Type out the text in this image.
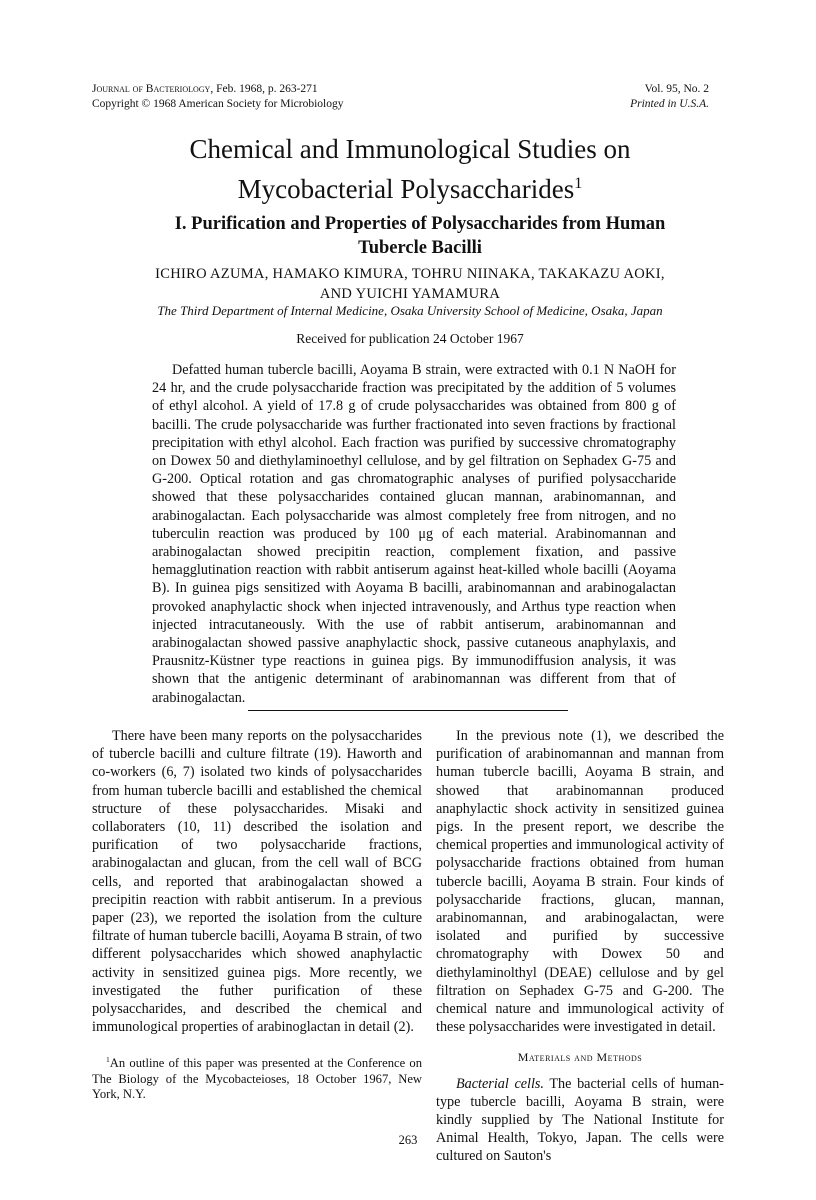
Journal of Bacteriology, Feb. 1968, p. 263-271
Copyright © 1968 American Society for Microbiology
Vol. 95, No. 2
Printed in U.S.A.
Chemical and Immunological Studies on
Mycobacterial Polysaccharides$^1$
I. Purification and Properties of Polysaccharides from Human
Tubercle Bacilli
ICHIRO AZUMA, HAMAKO KIMURA, TOHRU NIINAKA, TAKAKAZU AOKI,
AND YUICHI YAMAMURA
The Third Department of Internal Medicine, Osaka University School of Medicine, Osaka, Japan
Received for publication 24 October 1967

Defatted human tubercle bacilli, Aoyama B strain, were extracted with 0.1 N NaOH for 24 hr, and the crude polysaccharide fraction was precipitated by the addition of 5 volumes of ethyl alcohol. A yield of 17.8 g of crude polysaccharides was obtained from 800 g of bacilli. The crude polysaccharide was further fractionated into seven fractions by fractional precipitation with ethyl alcohol. Each fraction was purified by successive chromatography on Dowex 50 and diethylaminoethyl cellulose, and by gel filtration on Sephadex G-75 and G-200. Optical rotation and gas chromatographic analyses of purified polysaccharide showed that these polysaccharides contained glucan mannan, arabinomannan, and arabinogalactan. Each polysaccharide was almost completely free from nitrogen, and no tuberculin reaction was produced by 100 μg of each material. Arabinomannan and arabinogalactan showed precipitin reaction, complement fixation, and passive hemagglutination reaction with rabbit antiserum against heat-killed whole bacilli (Aoyama B). In guinea pigs sensitized with Aoyama B bacilli, arabinomannan and arabinogalactan provoked anaphylactic shock when injected intravenously, and Arthus type reaction when injected intracutaneously. With the use of rabbit antiserum, arabinomannan and arabinogalactan showed passive anaphylactic shock, passive cutaneous anaphylaxis, and Prausnitz-Küstner type reactions in guinea pigs. By immunodiffusion analysis, it was shown that the antigenic determinant of arabinomannan was different from that of arabinogalactan.

There have been many reports on the polysaccharides of tubercle bacilli and culture filtrate (19). Haworth and co-workers (6, 7) isolated two kinds of polysaccharides from human tubercle bacilli and established the chemical structure of these polysaccharides. Misaki and collaboraters (10, 11) described the isolation and purification of two polysaccharide fractions, arabinogalactan and glucan, from the cell wall of BCG cells, and reported that arabinogalactan showed a precipitin reaction with rabbit antiserum. In a previous paper (23), we reported the isolation from the culture filtrate of human tubercle bacilli, Aoyama B strain, of two different polysaccharides which showed anaphylactic activity in sensitized guinea pigs. More recently, we investigated the futher purification of these polysaccharides, and described the chemical and immunological properties of arabinoglactan in detail (2).

$^1$An outline of this paper was presented at the Conference on The Biology of the Mycobacteioses, 18 October 1967, New York, N.Y.

In the previous note (1), we described the purification of arabinomannan and mannan from human tubercle bacilli, Aoyama B strain, and showed that arabinomannan produced anaphylactic shock activity in sensitized guinea pigs. In the present report, we describe the chemical properties and immunological activity of polysaccharide fractions obtained from human tubercle bacilli, Aoyama B strain. Four kinds of polysaccharide fractions, glucan, mannan, arabinomannan, and arabinogalactan, were isolated and purified by successive chromatography with Dowex 50 and diethylaminolthyl (DEAE) cellulose and by gel filtration on Sephadex G-75 and G-200. The chemical nature and immunological activity of these polysaccharides were investigated in detail.

Materials and Methods

Bacterial cells. The bacterial cells of human-type tubercle bacilli, Aoyama B strain, were kindly supplied by The National Institute for Animal Health, Tokyo, Japan. The cells were cultured on Sauton's

263
